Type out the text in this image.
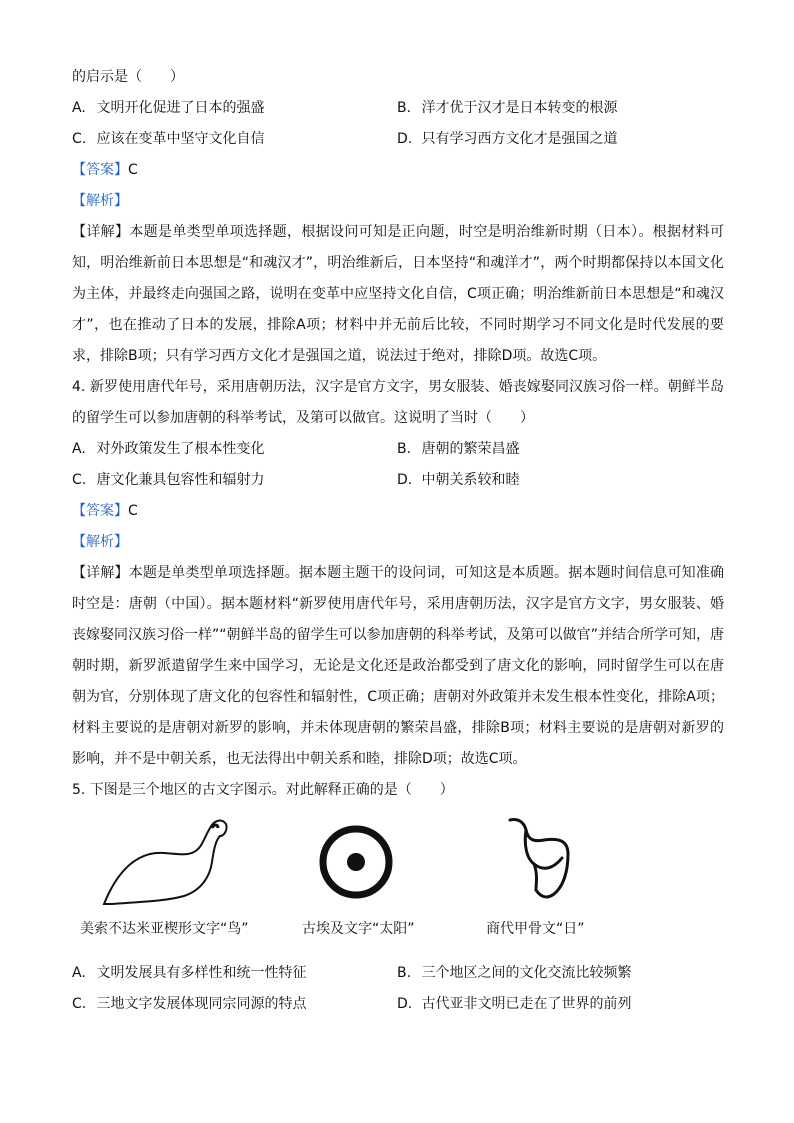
的启示是（　　）
A. 文明开化促进了日本的强盛	B. 洋才优于汉才是日本转变的根源
C. 应该在变革中坚守文化自信	D. 只有学习西方文化才是强国之道
【答案】C
【解析】
【详解】本题是单类型单项选择题，根据设问可知是正向题，时空是明治维新时期（日本）。根据材料可知，明治维新前日本思想是“和魂汉才”，明治维新后，日本坚持“和魂洋才”，两个时期都保持以本国文化为主体，并最终走向强国之路，说明在变革中应坚持文化自信，C项正确；明治维新前日本思想是“和魂汉才”，也在推动了日本的发展，排除A项；材料中并无前后比较，不同时期学习不同文化是时代发展的要求，排除B项；只有学习西方文化才是强国之道，说法过于绝对，排除D项。故选C项。
4. 新罗使用唐代年号，采用唐朝历法，汉字是官方文字，男女服装、婚丧嫁娶同汉族习俗一样。朝鲜半岛的留学生可以参加唐朝的科举考试，及第可以做官。这说明了当时（　　）
A. 对外政策发生了根本性变化	B. 唐朝的繁荣昌盛
C. 唐文化兼具包容性和辐射力	D. 中朝关系较和睦
【答案】C
【解析】
【详解】本题是单类型单项选择题。据本题主题干的设问词，可知这是本质题。据本题时间信息可知准确时空是：唐朝（中国）。据本题材料“新罗使用唐代年号，采用唐朝历法，汉字是官方文字，男女服装、婚丧嫁娶同汉族习俗一样”“朝鲜半岛的留学生可以参加唐朝的科举考试，及第可以做官”并结合所学可知，唐朝时期，新罗派遣留学生来中国学习，无论是文化还是政治都受到了唐文化的影响，同时留学生可以在唐朝为官，分别体现了唐文化的包容性和辐射性，C项正确；唐朝对外政策并未发生根本性变化，排除A项；材料主要说的是唐朝对新罗的影响，并未体现唐朝的繁荣昌盛，排除B项；材料主要说的是唐朝对新罗的影响，并不是中朝关系，也无法得出中朝关系和睦，排除D项；故选C项。
5. 下图是三个地区的古文字图示。对此解释正确的是（　　）
美索不达米亚楔形文字“鸟”	古埃及文字“太阳”	商代甲骨文“日”
A. 文明发展具有多样性和统一性特征	B. 三个地区之间的文化交流比较频繁
C. 三地文字发展体现同宗同源的特点	D. 古代亚非文明已走在了世界的前列
